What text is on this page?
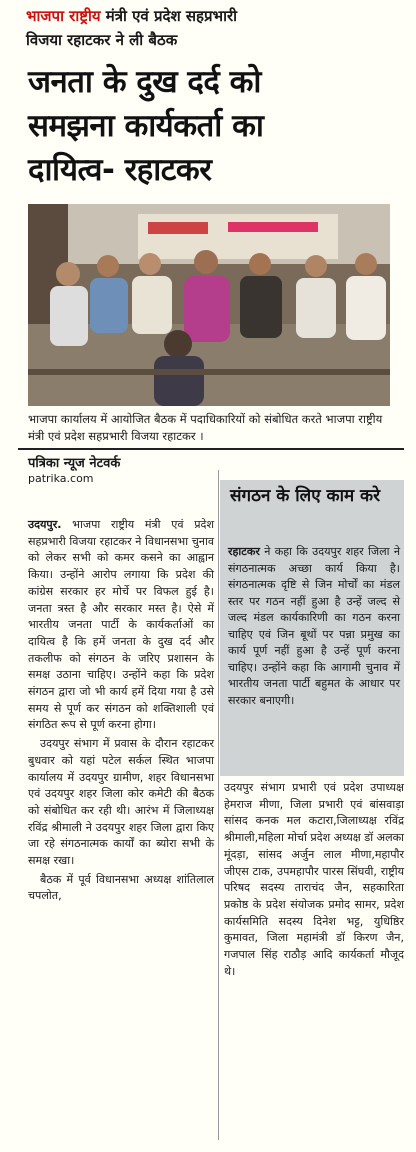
भाजपा राष्ट्रीय मंत्री एवं प्रदेश सहप्रभारी
विजया रहाटकर ने ली बैठक
जनता के दुख दर्द को
समझना कार्यकर्ता का
दायित्व- रहाटकर
भाजपा कार्यालय में आयोजित बैठक में पदाधिकारियों को संबोधित करते भाजपा राष्ट्रीय मंत्री एवं प्रदेश सहप्रभारी विजया रहाटकर ।
पत्रिका न्यूज नेटवर्क
patrika.com

उदयपुर. भाजपा राष्ट्रीय मंत्री एवं प्रदेश सहप्रभारी विजया रहाटकर ने विधानसभा चुनाव को लेकर सभी को कमर कसने का आह्वान किया। उन्होंने आरोप लगाया कि प्रदेश की कांग्रेस सरकार हर मोर्चे पर विफल हुई है। जनता त्रस्त है और सरकार मस्त है। ऐसे में भारतीय जनता पार्टी के कार्यकर्ताओं का दायित्व है कि हमें जनता के दुख दर्द और तकलीफ को संगठन के जरिए प्रशासन के समक्ष उठाना चाहिए। उन्होंने कहा कि प्रदेश संगठन द्वारा जो भी कार्य हमें दिया गया है उसे समय से पूर्ण कर संगठन को शक्तिशाली एवं संगठित रूप से पूर्ण करना होगा।

उदयपुर संभाग में प्रवास के दौरान रहाटकर बुधवार को यहां पटेल सर्कल स्थित भाजपा कार्यालय में उदयपुर ग्रामीण, शहर विधानसभा एवं उदयपुर शहर जिला कोर कमेटी की बैठक को संबोधित कर रही थी। आरंभ में जिलाध्यक्ष रविंद्र श्रीमाली ने उदयपुर शहर जिला द्वारा किए जा रहे संगठनात्मक कार्यों का ब्योरा सभी के समक्ष रखा।

बैठक में पूर्व विधानसभा अध्यक्ष शांतिलाल चपलोत,

संगठन के लिए काम करे
रहाटकर ने कहा कि उदयपुर शहर जिला ने संगठनात्मक अच्छा कार्य किया है। संगठनात्मक दृष्टि से जिन मोर्चों का मंडल स्तर पर गठन नहीं हुआ है उन्हें जल्द से जल्द मंडल कार्यकारिणी का गठन करना चाहिए एवं जिन बूथों पर पन्ना प्रमुख का कार्य पूर्ण नहीं हुआ है उन्हें पूर्ण करना चाहिए। उन्होंने कहा कि आगामी चुनाव में भारतीय जनता पार्टी बहुमत के आधार पर सरकार बनाएगी।

उदयपुर संभाग प्रभारी एवं प्रदेश उपाध्यक्ष हेमराज मीणा, जिला प्रभारी एवं बांसवाड़ा सांसद कनक मल कटारा,जिलाध्यक्ष रविंद्र श्रीमाली,महिला मोर्चा प्रदेश अध्यक्ष डॉ अलका मूंदड़ा, सांसद अर्जुन लाल मीणा,महापौर जीएस टाक, उपमहापौर पारस सिंघवी, राष्ट्रीय परिषद सदस्य ताराचंद जैन, सहकारिता प्रकोष्ठ के प्रदेश संयोजक प्रमोद सामर, प्रदेश कार्यसमिति सदस्य दिनेश भट्ट, युधिष्ठिर कुमावत, जिला महामंत्री डॉ किरण जैन, गजपाल सिंह राठौड़ आदि कार्यकर्ता मौजूद थे।
